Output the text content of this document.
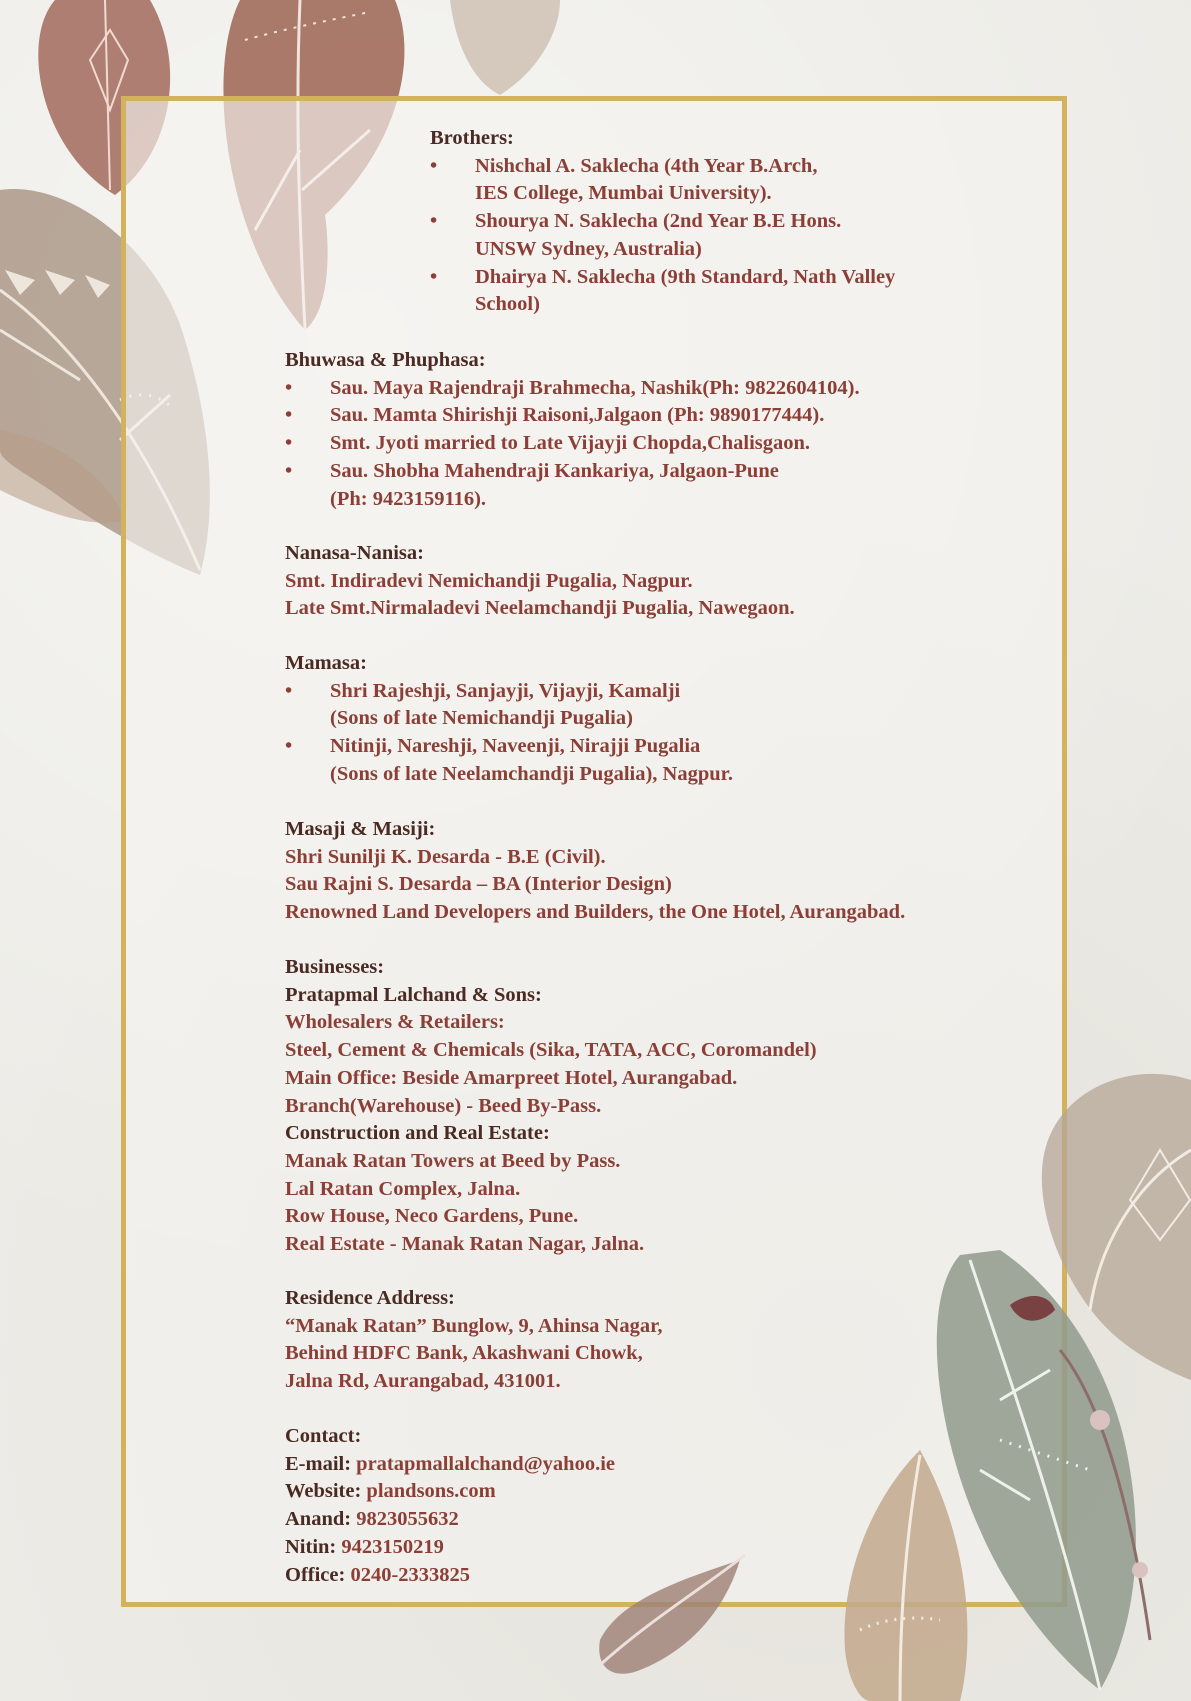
Brothers:
• Nishchal A. Saklecha (4th Year B.Arch,
IES College, Mumbai University).
• Shourya N. Saklecha (2nd Year B.E Hons.
UNSW Sydney, Australia)
• Dhairya N. Saklecha (9th Standard, Nath Valley
School)
Bhuwasa & Phuphasa:
• Sau. Maya Rajendraji Brahmecha, Nashik(Ph: 9822604104).
• Sau. Mamta Shirishji Raisoni,Jalgaon (Ph: 9890177444).
• Smt. Jyoti married to Late Vijayji Chopda,Chalisgaon.
• Sau. Shobha Mahendraji Kankariya, Jalgaon-Pune
(Ph: 9423159116).
Nanasa-Nanisa:
Smt. Indiradevi Nemichandji Pugalia, Nagpur.
Late Smt.Nirmaladevi Neelamchandji Pugalia, Nawegaon.
Mamasa:
• Shri Rajeshji, Sanjayji, Vijayji, Kamalji
(Sons of late Nemichandji Pugalia)
• Nitinji, Nareshji, Naveenji, Nirajji Pugalia
(Sons of late Neelamchandji Pugalia), Nagpur.
Masaji & Masiji:
Shri Sunilji K. Desarda - B.E (Civil).
Sau Rajni S. Desarda – BA (Interior Design)
Renowned Land Developers and Builders, the One Hotel, Aurangabad.
Businesses:
Pratapmal Lalchand & Sons:
Wholesalers & Retailers:
Steel, Cement & Chemicals (Sika, TATA, ACC, Coromandel)
Main Office: Beside Amarpreet Hotel, Aurangabad.
Branch(Warehouse) - Beed By-Pass.
Construction and Real Estate:
Manak Ratan Towers at Beed by Pass.
Lal Ratan Complex, Jalna.
Row House, Neco Gardens, Pune.
Real Estate - Manak Ratan Nagar, Jalna.
Residence Address:
“Manak Ratan” Bunglow, 9, Ahinsa Nagar,
Behind HDFC Bank, Akashwani Chowk,
Jalna Rd, Aurangabad, 431001.
Contact:
E-mail: pratapmallalchand@yahoo.ie
Website: plandsons.com
Anand: 9823055632
Nitin: 9423150219
Office: 0240-2333825
